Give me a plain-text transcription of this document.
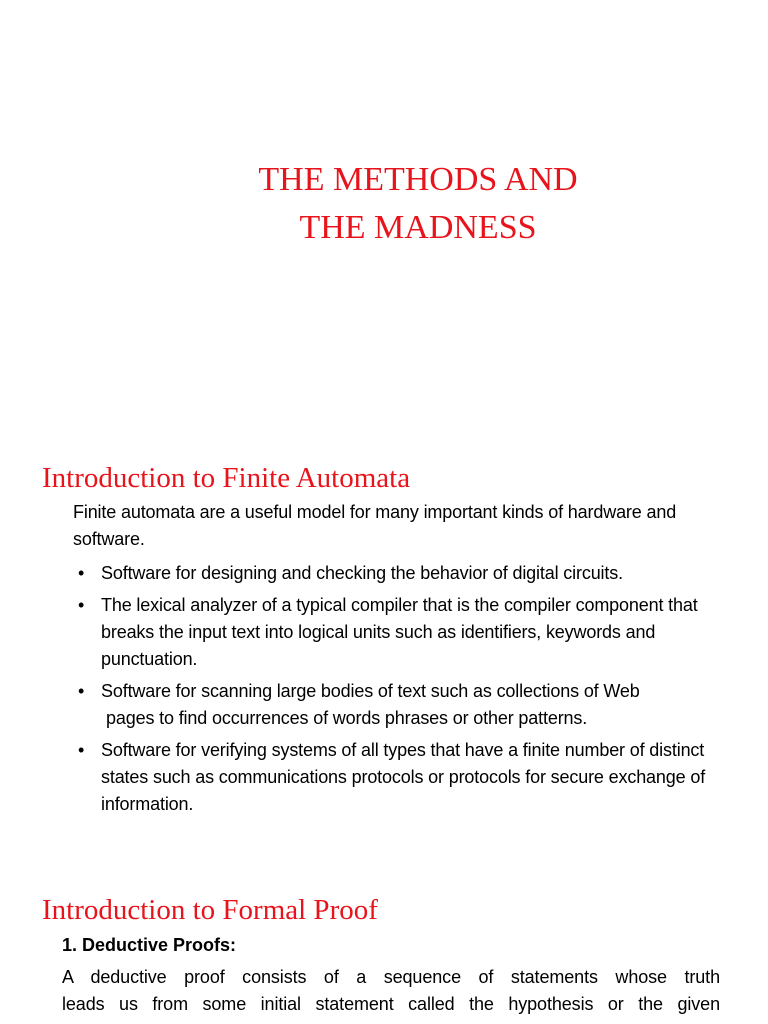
THE METHODS AND
THE MADNESS
Introduction to Finite Automata

Finite automata are a useful model for many important kinds of hardware and software.

• Software for designing and checking the behavior of digital circuits.
• The lexical analyzer of a typical compiler that is the compiler component that breaks the input text into logical units such as identifiers, keywords and punctuation.
• Software for scanning large bodies of text such as collections of Web
pages to find occurrences of words phrases or other patterns.
• Software for verifying systems of all types that have a finite number of distinct states such as communications protocols or protocols for secure exchange of information.
Introduction to Formal Proof
1. Deductive Proofs:

A deductive proof consists of a sequence of statements whose truth
leads us from some initial statement called the hypothesis or the given
